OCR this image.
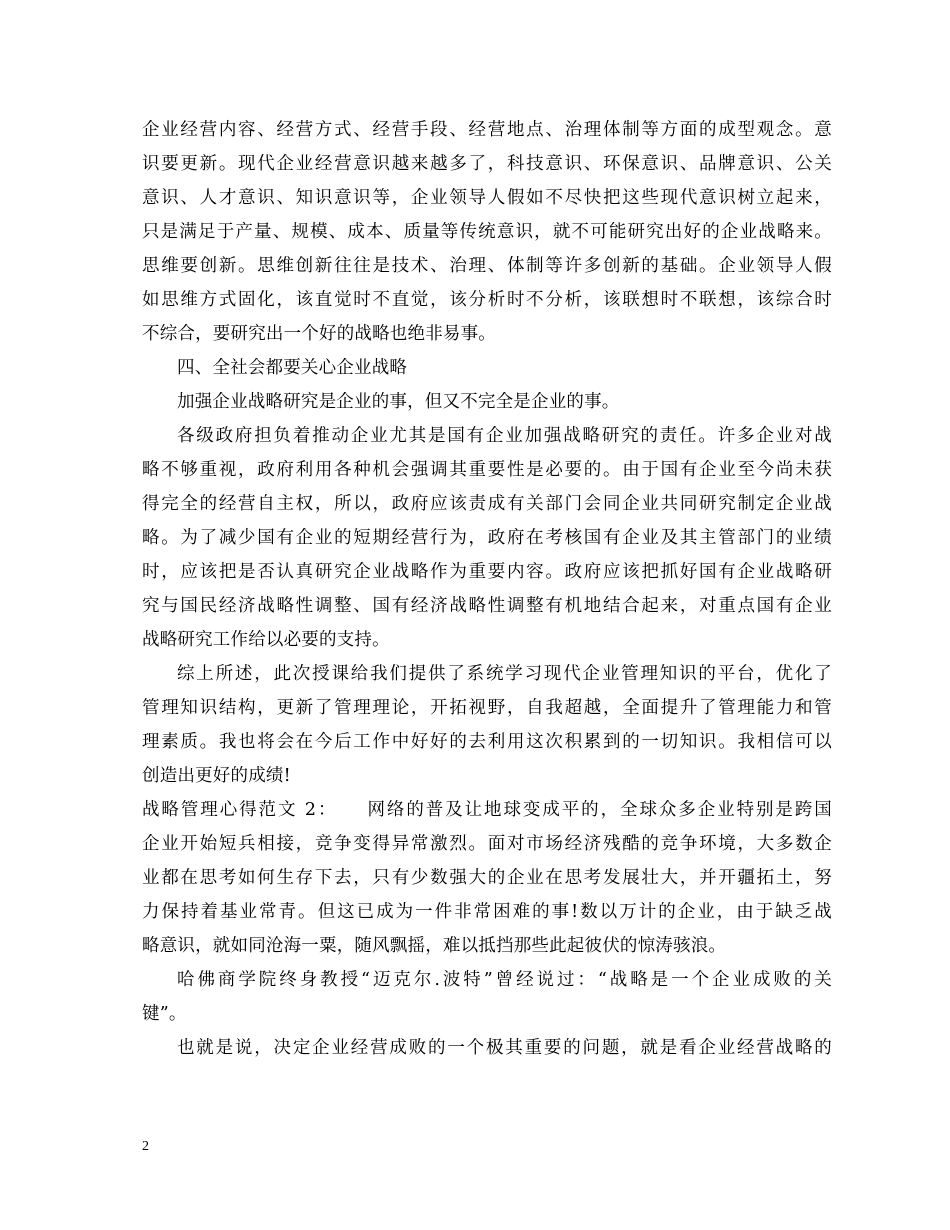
企业经营内容、经营方式、经营手段、经营地点、治理体制等方面的成型观念。意
识要更新。现代企业经营意识越来越多了，科技意识、环保意识、品牌意识、公关
意识、人才意识、知识意识等，企业领导人假如不尽快把这些现代意识树立起来，
只是满足于产量、规模、成本、质量等传统意识，就不可能研究出好的企业战略来。
思维要创新。思维创新往往是技术、治理、体制等许多创新的基础。企业领导人假
如思维方式固化，该直觉时不直觉，该分析时不分析，该联想时不联想，该综合时
不综合，要研究出一个好的战略也绝非易事。
四、全社会都要关心企业战略
加强企业战略研究是企业的事，但又不完全是企业的事。
各级政府担负着推动企业尤其是国有企业加强战略研究的责任。许多企业对战
略不够重视，政府利用各种机会强调其重要性是必要的。由于国有企业至今尚未获
得完全的经营自主权，所以，政府应该责成有关部门会同企业共同研究制定企业战
略。为了减少国有企业的短期经营行为，政府在考核国有企业及其主管部门的业绩
时，应该把是否认真研究企业战略作为重要内容。政府应该把抓好国有企业战略研
究与国民经济战略性调整、国有经济战略性调整有机地结合起来，对重点国有企业
战略研究工作给以必要的支持。
综上所述，此次授课给我们提供了系统学习现代企业管理知识的平台，优化了
管理知识结构，更新了管理理论，开拓视野，自我超越，全面提升了管理能力和管
理素质。我也将会在今后工作中好好的去利用这次积累到的一切知识。我相信可以
创造出更好的成绩!
战略管理心得范文 2：　　网络的普及让地球变成平的，全球众多企业特别是跨国
企业开始短兵相接，竞争变得异常激烈。面对市场经济残酷的竞争环境，大多数企
业都在思考如何生存下去，只有少数强大的企业在思考发展壮大，并开疆拓土，努
力保持着基业常青。但这已成为一件非常困难的事!数以万计的企业，由于缺乏战
略意识，就如同沧海一粟，随风飘摇，难以抵挡那些此起彼伏的惊涛骇浪。
哈佛商学院终身教授“迈克尔.波特”曾经说过：“战略是一个企业成败的关
键”。
也就是说，决定企业经营成败的一个极其重要的问题，就是看企业经营战略的
2
